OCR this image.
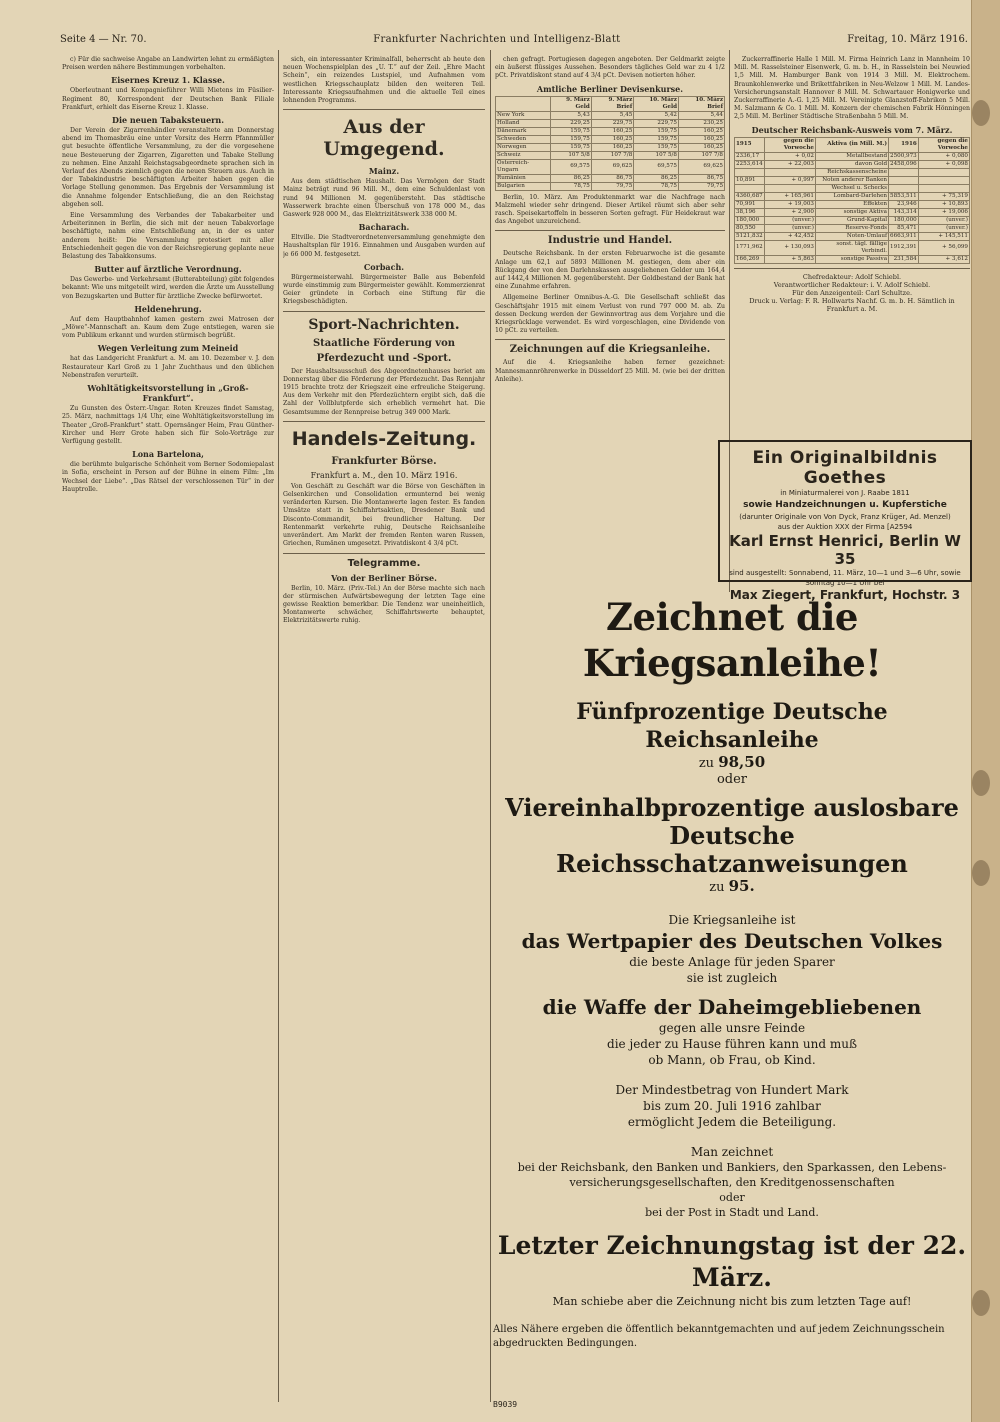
Seite 4 — Nr. 70.	Frankfurter Nachrichten und Intelligenz-Blatt	Freitag, 10. März 1916.

c) Für die sachweise Angabe an Landwirten lehnt zu ermäßigten Preisen werden nähere Bestimmungen vorbehalten.

Eisernes Kreuz 1. Klasse.

Oberleutnant und Kompagnieführer Willi Mietens im Füsilier-Regiment 80, Korrespondent der Deutschen Bank Filiale Frankfurt, erhielt das Eiserne Kreuz 1. Klasse.

Die neuen Tabaksteuern.

Der Verein der Zigarrenhändler veranstaltete am Donnerstag abend im Thomasbräu eine unter Vorsitz des Herrn Pfannmüller gut besuchte öffentliche Versammlung, zu der die vorgesehene neue Besteuerung der Zigarren, Zigaretten und Tabake Stellung zu nehmen. Eine Anzahl Reichstagsabgeordnete sprachen sich in Verlauf des Abends ziemlich gegen die neuen Steuern aus. Auch in der Tabakindustrie beschäftigten Arbeiter haben gegen die Vorlage Stellung genommen. Das Ergebnis der Versammlung ist die Annahme folgender Entschließung, die an den Reichstag abgehen soll.

Eine Versammlung des Verbandes der Tabakarbeiter und Arbeiterinnen in Berlin, die sich mit der neuen Tabakvorlage beschäftigte, nahm eine Entschließung an, in der es unter anderem heißt: Die Versammlung protestiert mit aller Entschiedenheit gegen die von der Reichsregierung geplante neue Belastung des Tabakkonsums.

Butter auf ärztliche Verordnung.

Das Gewerbe- und Verkehrsamt (Butterabteilung) gibt folgendes bekannt: Wie uns mitgeteilt wird, werden die Ärzte um Ausstellung von Bezugskarten und Butter für ärztliche Zwecke befürwortet.

Heldenehrung.

Auf dem Hauptbahnhof kamen gestern zwei Matrosen der „Möwe“-Mannschaft an. Kaum dem Zuge entstiegen, waren sie vom Publikum erkannt und wurden stürmisch begrüßt.

Wegen Verleitung zum Meineid

hat das Landgericht Frankfurt a. M. am 10. Dezember v. J. den Restaurateur Karl Groß zu 1 Jahr Zuchthaus und den üblichen Nebenstrafen verurteilt.

Wohltätigkeitsvorstellung in „Groß-Frankfurt“.

Zu Gunsten des Österr.-Ungar. Roten Kreuzes findet Samstag, 25. März, nachmittags 1/4 Uhr, eine Wohltätigkeitsvorstellung im Theater „Groß-Frankfurt“ statt. Opernsänger Heim, Frau Günther-Kircher und Herr Grote haben sich für Solo-Vorträge zur Verfügung gestellt.

Lona Bartelona,

die berühmte bulgarische Schönheit vom Berner Sodomiepalast in Sofia, erscheint in Person auf der Bühne in einem Film: „Im Wechsel der Liebe“. „Das Rätsel der verschlossenen Tür“ in der Hauptrolle.

sich, ein interessanter Kriminalfall, beherrscht ab heute den neuen Wochenspielplan des „U. T.“ auf der Zeil. „Ehre Macht Schein“, ein reizendes Lustspiel, und Aufnahmen vom westlichen Kriegsschauplatz bilden den weiteren Teil. Interessante Kriegsaufnahmen und die aktuelle Teil eines lohnenden Programms.

Aus der Umgegend.
Mainz.

Aus dem städtischen Haushalt. Das Vermögen der Stadt Mainz beträgt rund 96 Mill. M., dem eine Schuldenlast von rund 94 Millionen M. gegenübersteht. Das städtische Wasserwerk brachte einen Überschuß von 178 000 M., das Gaswerk 928 000 M., das Elektrizitätswerk 338 000 M.

Bacharach.

Eltville. Die Stadtverordnetenversammlung genehmigte den Haushaltsplan für 1916. Einnahmen und Ausgaben wurden auf je 66 000 M. festgesetzt.

Corbach.

Bürgermeisterwahl. Bürgermeister Balle aus Bebenfeld wurde einstimmig zum Bürgermeister gewählt. Kommerzienrat Geier gründete in Corbach eine Stiftung für die Kriegsbeschädigten.

Sport-Nachrichten.
Staatliche Förderung von
Pferdezucht und -Sport.

Der Haushaltsausschuß des Abgeordnetenhauses beriet am Donnerstag über die Förderung der Pferdezucht. Das Rennjahr 1915 brachte trotz der Kriegszeit eine erfreuliche Steigerung. Aus dem Verkehr mit den Pferdezüchtern ergibt sich, daß die Zahl der Vollblutpferde sich erheblich vermehrt hat. Die Gesamtsumme der Rennpreise betrug 349 000 Mark.

Handels-Zeitung.
Frankfurter Börse.
Frankfurt a. M., den 10. März 1916.

Von Geschäft zu Geschäft war die Börse von Geschäften in Gelsenkirchen und Consolidation ermunternd bei wenig veränderten Kursen. Die Montanwerte lagen fester. Es fanden Umsätze statt in Schiffahrtsaktien, Dresdener Bank und Disconto-Commandit, bei freundlicher Haltung. Der Rentenmarkt verkehrte ruhig, Deutsche Reichsanleihe unverändert. Am Markt der fremden Renten waren Russen, Griechen, Rumänen umgesetzt. Privatdiskont 4 3/4 pCt.

Telegramme.
Von der Berliner Börse.

Berlin, 10. März. (Priv.-Tel.) An der Börse machte sich nach der stürmischen Aufwärtsbewegung der letzten Tage eine gewisse Reaktion bemerkbar. Die Tendenz war uneinheitlich, Montanwerte schwächer, Schiffahrtswerte behauptet, Elektrizitätswerte ruhig.

chen gefragt. Portugiesen dagegen angeboten. Der Geldmarkt zeigte ein äußerst flüssiges Aussehen. Besonders tägliches Geld war zu 4 1/2 pCt. Privatdiskont stand auf 4 3/4 pCt. Devisen notierten höher.

Amtliche Berliner Devisenkurse.
	9. März Geld	9. März Brief	10. März Geld	10. März Brief
New York	5,43	5,45	5,42	5,44
Holland	229,25	229,75	229,75	230,25
Dänemark	159,75	160,25	159,75	160,25
Schweden	159,75	160,25	159,75	160,25
Norwegen	159,75	160,25	159,75	160,25
Schweiz	107 5/8	107 7/8	107 5/8	107 7/8
Österreich-Ungarn	69,575	69,625	69,575	69,625
Rumänien	86,25	86,75	86,25	86,75
Bulgarien	78,75	79,75	78,75	79,75

Berlin, 10. März. Am Produktenmarkt war die Nachfrage nach Malzmehl wieder sehr dringend. Dieser Artikel räumt sich aber sehr rasch. Speisekartoffeln in besseren Sorten gefragt. Für Heidekraut war das Angebot unzureichend.

Industrie und Handel.

Deutsche Reichsbank. In der ersten Februarwoche ist die gesamte Anlage um 62,1 auf 5893 Millionen M. gestiegen, dem aber ein Rückgang der von den Darlehnskassen ausgeliehenen Gelder um 164,4 auf 1442,4 Millionen M. gegenübersteht. Der Goldbestand der Bank hat eine Zunahme erfahren.

Allgemeine Berliner Omnibus-A.-G. Die Gesellschaft schließt das Geschäftsjahr 1915 mit einem Verlust von rund 797 000 M. ab. Zu dessen Deckung werden der Gewinnvortrag aus dem Vorjahre und die Kriegsrücklage verwendet. Es wird vorgeschlagen, eine Dividende von 10 pCt. zu verteilen.

Zeichnungen auf die Kriegsanleihe.

Auf die 4. Kriegsanleihe haben ferner gezeichnet: Mannesmannröhrenwerke in Düsseldorf 25 Mill. M. (wie bei der dritten Anleihe).

Zuckerraffinerie Halle 1 Mill. M. Firma Heinrich Lanz in Mannheim 10 Mill. M. Rasselsteiner Eisenwerk, G. m. b. H., in Rasselstein bei Neuwied 1,5 Mill. M. Hamburger Bank von 1914 3 Mill. M. Elektrochem. Braunkohlenwerke und Brikettfabriken in Neu-Welzow 1 Mill. M. Landes-Versicherungsanstalt Hannover 8 Mill. M. Schwartauer Honigwerke und Zuckerraffinerie A.-G. 1,25 Mill. M. Vereinigte Glanzstoff-Fabriken 5 Mill. M. Salzmann & Co. 1 Mill. M. Konzern der chemischen Fabrik Hönningen 2,5 Mill. M. Berliner Städtische Straßenbahn 5 Mill. M.

Deutscher Reichsbank-Ausweis vom 7. März.
1915	gegen die Vorwoche	Aktiva (in Mill. M.)	1916	gegen die Vorwoche
2336,17	+ 0,02	Metallbestand	2500,973	+ 0,080
2253,614	+ 22,003	davon Gold	2458,096	+ 0,098
		Reichskassenscheine		
10,891	+ 0,997	Noten anderer Banken		
		Wechsel u. Schecks		
4360,687	+ 165,961	Lombard-Darlehen	5853,511	+ 75,319
70,991	+ 19,003	Effekten	23,946	+ 10,893
38,196	+ 2,900	sonstige Aktiva	143,314	+ 19,006
180,000	(unver.)	Grund-Kapital	180,000	(unver.)
80,550	(unver.)	Reserve-Fonds	85,471	(unver.)
5121,832	+ 42,452	Noten-Umlauf	6663,911	+ 145,511
1771,962	+ 130,093	sonst. tägl. fällige Verbindl.	1912,391	+ 56,099
166,269	+ 5,863	sonstige Passiva	231,584	+ 3,612
Chefredakteur: Adolf Schiebl.
Verantwortlicher Redakteur: i. V. Adolf Schiebl.
Für den Anzeigenteil: Carl Schultze.
Druck u. Verlag: F. R. Hollwarts Nachf. G. m. b. H. Sämtlich in Frankfurt a. M.
Ein Originalbildnis Goethes
in Miniaturmalerei von J. Raabe 1811
sowie Handzeichnungen u. Kupferstiche
(darunter Originale von Von Dyck, Franz Krüger, Ad. Menzel)
aus der Auktion XXX der Firma [A2594
Karl Ernst Henrici, Berlin W 35
sind ausgestellt: Sonnabend, 11. März, 10—1 und 3—6 Uhr, sowie Sonntag 10—1 Uhr bei
Max Ziegert, Frankfurt, Hochstr. 3
Zeichnet die Kriegsanleihe!
Fünfprozentige Deutsche Reichsanleihe
zu 98,50
oder
Viereinhalbprozentige auslosbare
Deutsche Reichsschatzanweisungen
zu 95.
Die Kriegsanleihe ist
das Wertpapier des Deutschen Volkes
die beste Anlage für jeden Sparer
sie ist zugleich
die Waffe der Daheimgebliebenen
gegen alle unsre Feinde
die jeder zu Hause führen kann und muß
ob Mann, ob Frau, ob Kind.
Der Mindestbetrag von Hundert Mark
bis zum 20. Juli 1916 zahlbar
ermöglicht Jedem die Beteiligung.
Man zeichnet
bei der Reichsbank, den Banken und Bankiers, den Sparkassen, den Lebens-
versicherungsgesellschaften, den Kreditgenossenschaften
oder
bei der Post in Stadt und Land.
Letzter Zeichnungstag ist der 22. März.
Man schiebe aber die Zeichnung nicht bis zum letzten Tage auf!
Alles Nähere ergeben die öffentlich bekanntgemachten und auf jedem Zeichnungsschein abgedruckten Bedingungen.
B9039
